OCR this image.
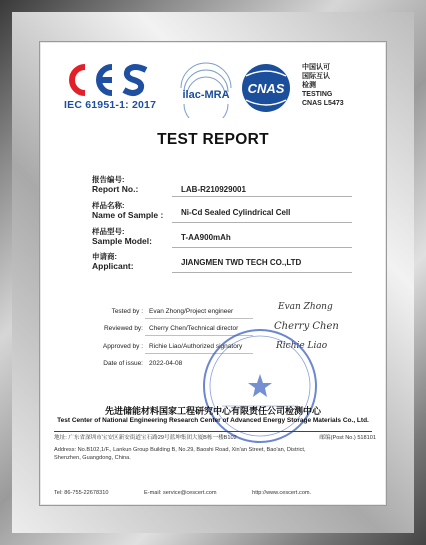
CES
IEC 61951-1: 2017
ilac-MRA CNAS
中国认可
国际互认
检测
TESTING
CNAS L5473
TEST REPORT
报告编号:
Report No.:	LAB-R210929001
样品名称:
Name of Sample : Ni-Cd Sealed Cylindrical Cell
样品型号:
Sample Model:	T-AA900mAh
申请商:
Applicant:	JIANGMEN TWD TECH CO.,LTD
Tested by : Evan Zhong/Project engineer	Evan Zhong
Reviewed by: Cherry Chen/Technical director	Cherry Chen
Approved by : Richie Liao/Authorized signatory	Richie Liao
Date of issue: 2022-04-08
先进储能材料国家工程研究中心有限责任公司检测中心
Test Center of National Engineering Research Center of Advanced Energy Storage Materials Co., Ltd.
地址: 广东省深圳市宝安区新安街道宝石路29号蓝坤集团大厦B栋一楼B102	邮编(Post No.) 518101
Address: No.B102,1/F., Lankun Group Building B, No.29, Baoshi Road, Xin'an Street, Bao'an, District,
Shenzhen, Guangdong, China.
Tel: 86-755-22678310	E-mail: service@cescert.com	http://www.cescert.com.
